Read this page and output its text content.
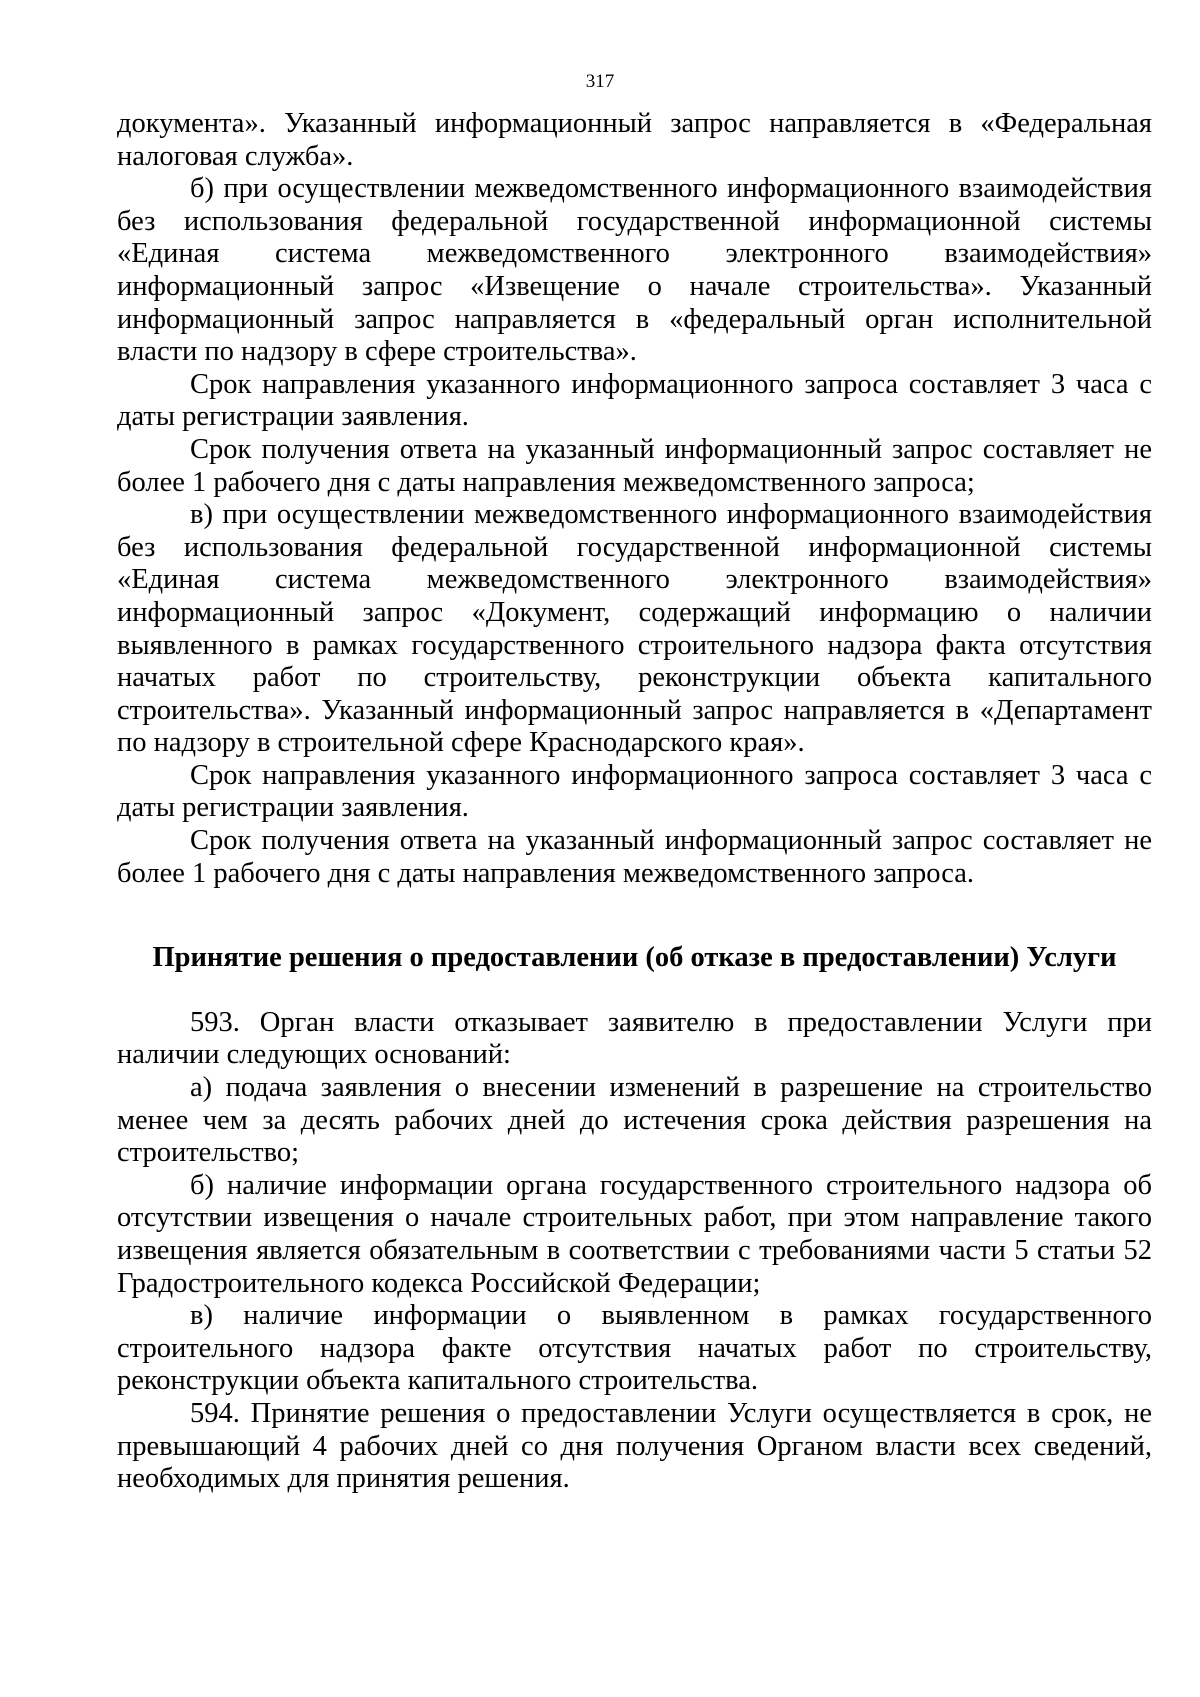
317

документа». Указанный информационный запрос направляется в «Федеральная налоговая служба».

б) при осуществлении межведомственного информационного взаимодействия без использования федеральной государственной информационной системы «Единая система межведомственного электронного взаимодействия» информационный запрос «Извещение о начале строительства». Указанный информационный запрос направляется в «федеральный орган исполнительной власти по надзору в сфере строительства».

Срок направления указанного информационного запроса составляет 3 часа с даты регистрации заявления.

Срок получения ответа на указанный информационный запрос составляет не более 1 рабочего дня с даты направления межведомственного запроса;

в) при осуществлении межведомственного информационного взаимодействия без использования федеральной государственной информационной системы «Единая система межведомственного электронного взаимодействия» информационный запрос «Документ, содержащий информацию о наличии выявленного в рамках государственного строительного надзора факта отсутствия начатых работ по строительству, реконструкции объекта капитального строительства». Указанный информационный запрос направляется в «Департамент по надзору в строительной сфере Краснодарского края».

Срок направления указанного информационного запроса составляет 3 часа с даты регистрации заявления.

Срок получения ответа на указанный информационный запрос составляет не более 1 рабочего дня с даты направления межведомственного запроса.

Принятие решения о предоставлении (об отказе в предоставлении) Услуги

593. Орган власти отказывает заявителю в предоставлении Услуги при наличии следующих оснований:

а) подача заявления о внесении изменений в разрешение на строительство менее чем за десять рабочих дней до истечения срока действия разрешения на строительство;

б) наличие информации органа государственного строительного надзора об отсутствии извещения о начале строительных работ, при этом направление такого извещения является обязательным в соответствии с требованиями части 5 статьи 52 Градостроительного кодекса Российской Федерации;

в) наличие информации о выявленном в рамках государственного строительного надзора факте отсутствия начатых работ по строительству, реконструкции объекта капитального строительства.

594. Принятие решения о предоставлении Услуги осуществляется в срок, не превышающий 4 рабочих дней со дня получения Органом власти всех сведений, необходимых для принятия решения.
